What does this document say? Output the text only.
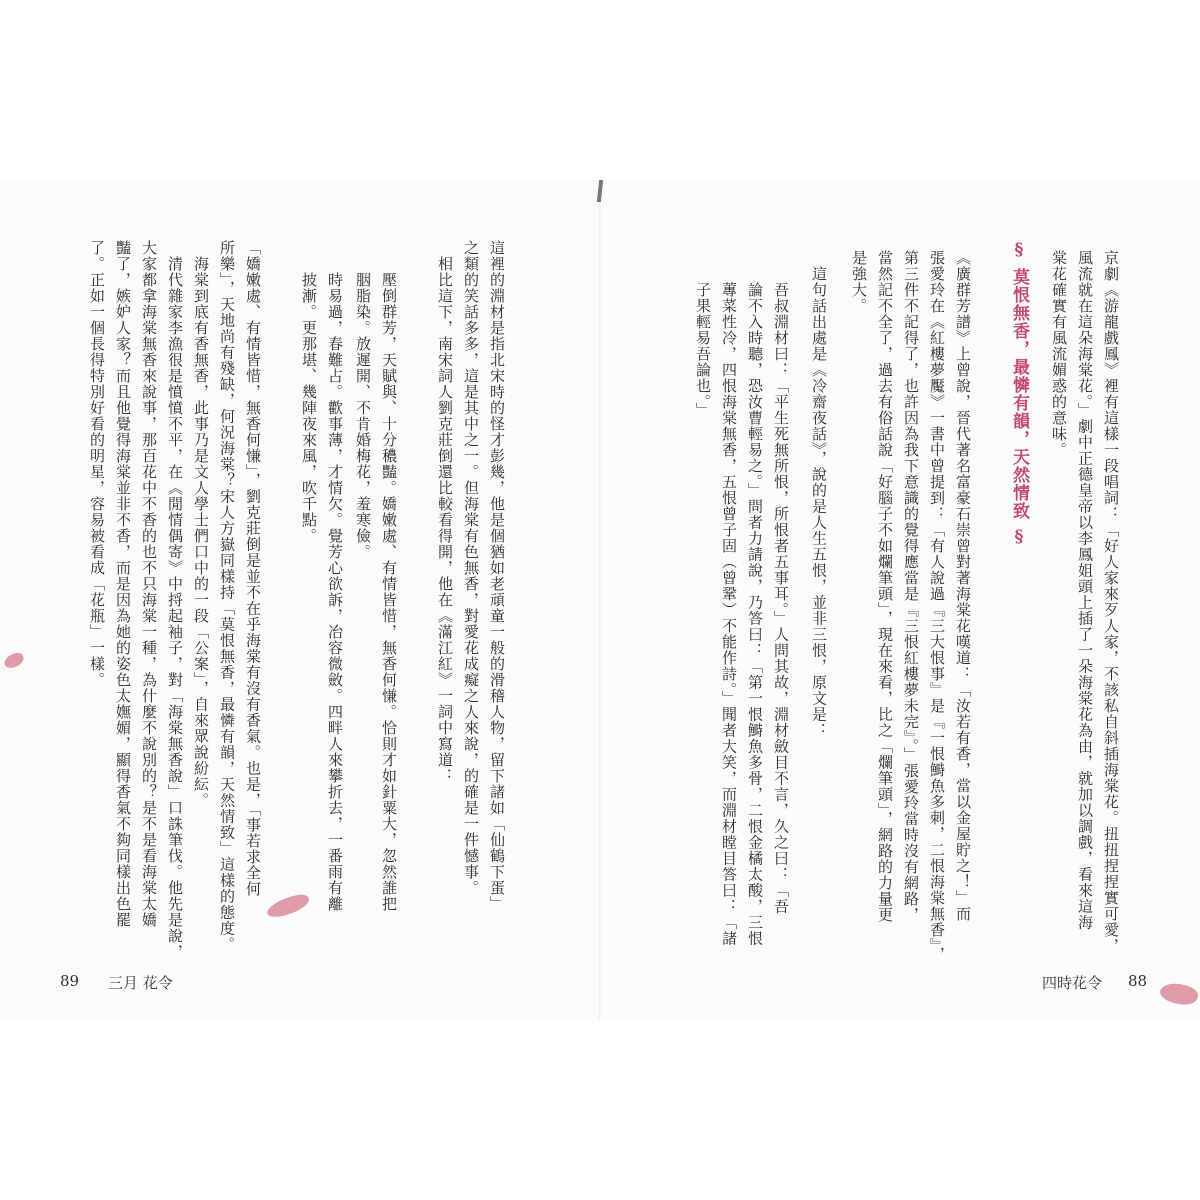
京劇《游龍戲鳳》裡有這樣一段唱詞：「好人家來歹人家，不該私自斜插海棠花。扭扭捏捏實可愛，
風流就在這朵海棠花。」劇中正德皇帝以李鳳姐頭上插了一朵海棠花為由，就加以調戲，看來這海
棠花確實有風流媚惑的意味。
§ 莫恨無香，最憐有韻，天然情致 §
《廣群芳譜》上曾說，晉代著名富豪石崇曾對著海棠花嘆道：「汝若有香，當以金屋貯之！」而
張愛玲在《紅樓夢魘》一書中曾提到：「有人說過『三大恨事』是『一恨鰣魚多刺，二恨海棠無香』，
第三件不記得了，也許因為我下意識的覺得應當是『三恨紅樓夢未完』。」張愛玲當時沒有網路，
當然記不全了，過去有俗話說「好腦子不如爛筆頭」，現在來看，比之「爛筆頭」，網路的力量更
是強大。
　這句話出處是《冷齋夜話》，說的是人生五恨，並非三恨，原文是：
　　吾叔淵材曰：「平生死無所恨，所恨者五事耳。」人問其故，淵材斂目不言，久之曰：「吾
　　論不入時聽，恐汝曹輕易之。」問者力請說，乃答曰：「第一恨鰣魚多骨，二恨金橘太酸，三恨
　　蓴菜性冷，四恨海棠無香，五恨曾子固（曾鞏）不能作詩。」聞者大笑，而淵材瞠目答曰：「諸
　　子果輕易吾論也。」
這裡的淵材是指北宋時的怪才彭幾，他是個猶如老頑童一般的滑稽人物，留下諸如「仙鶴下蛋」
之類的笑話多多，這是其中之一。但海棠有色無香，對愛花成癡之人來說，的確是一件憾事。
　相比這下，南宋詞人劉克莊倒還比較看得開，他在《滿江紅》一詞中寫道：
　　壓倒群芳，天賦與、十分穠豔。嬌嫩處、有情皆惜，無香何慊。恰則才如針粟大，忽然誰把
　　胭脂染。放遲開、不肯婚梅花，羞寒儉。
　　時易過，春難占。歡事薄，才情欠。覺芳心欲訴，冶容微斂。四畔人來攀折去，一番雨有離
　　披漸。更那堪、幾陣夜來風，吹千點。
「嬌嫩處、有情皆惜，無香何慊」，劉克莊倒是並不在乎海棠有沒有香氣。也是，「事若求全何
所樂」，天地尚有殘缺，何況海棠？宋人方嶽同樣持「莫恨無香，最憐有韻，天然情致」這樣的態度。
　海棠到底有香無香，此事乃是文人學士們口中的一段「公案」，自來眾說紛紜。
　清代雜家李漁很是憤憤不平，在《閒情偶寄》中捋起袖子，對「海棠無香說」口誅筆伐。他先是說，
大家都拿海棠無香來說事，那百花中不香的也不只海棠一種，為什麼不說別的？是不是看海棠太嬌
豔了，嫉妒人家？而且他覺得海棠並非不香，而是因為她的姿色太嫵媚，顯得香氣不夠同樣出色罷
了。正如一個長得特別好看的明星，容易被看成「花瓶」一樣。
89 三月 花令	四時花令 88
